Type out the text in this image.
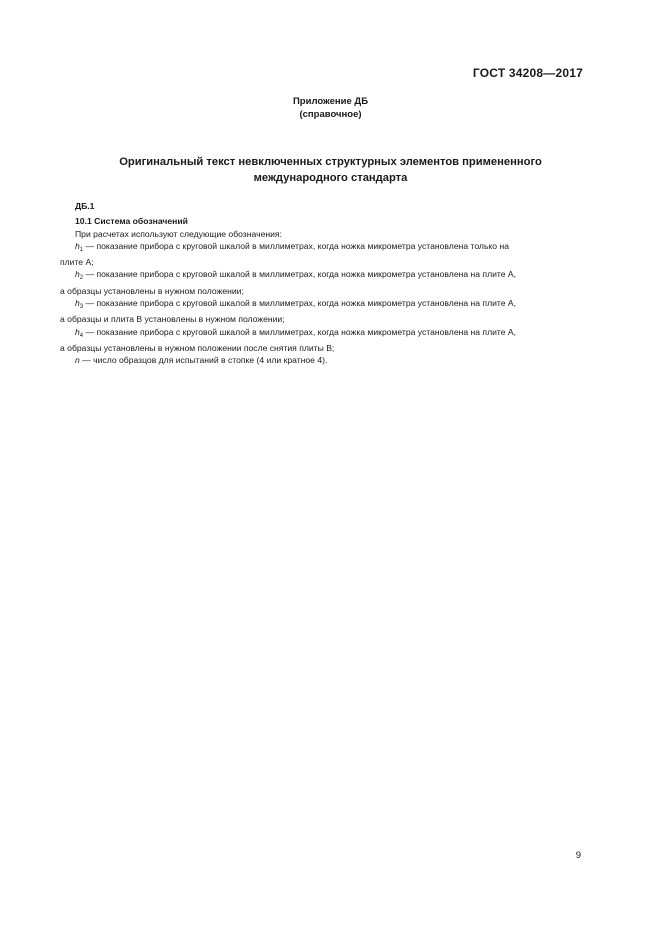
ГОСТ 34208—2017
Приложение ДБ
(справочное)
Оригинальный текст невключенных структурных элементов примененного
международного стандарта
ДБ.1
10.1 Система обозначений
При расчетах используют следующие обозначения:
$h_1$ — показание прибора с круговой шкалой в миллиметрах, когда ножка микрометра установлена только на
плите А;
$h_2$ — показание прибора с круговой шкалой в миллиметрах, когда ножка микрометра установлена на плите А,
а образцы установлены в нужном положении;
$h_3$ — показание прибора с круговой шкалой в миллиметрах, когда ножка микрометра установлена на плите А,
а образцы и плита В установлены в нужном положении;
$h_4$ — показание прибора с круговой шкалой в миллиметрах, когда ножка микрометра установлена на плите А,
а образцы установлены в нужном положении после снятия плиты В;
n — число образцов для испытаний в стопке (4 или кратное 4).
9
